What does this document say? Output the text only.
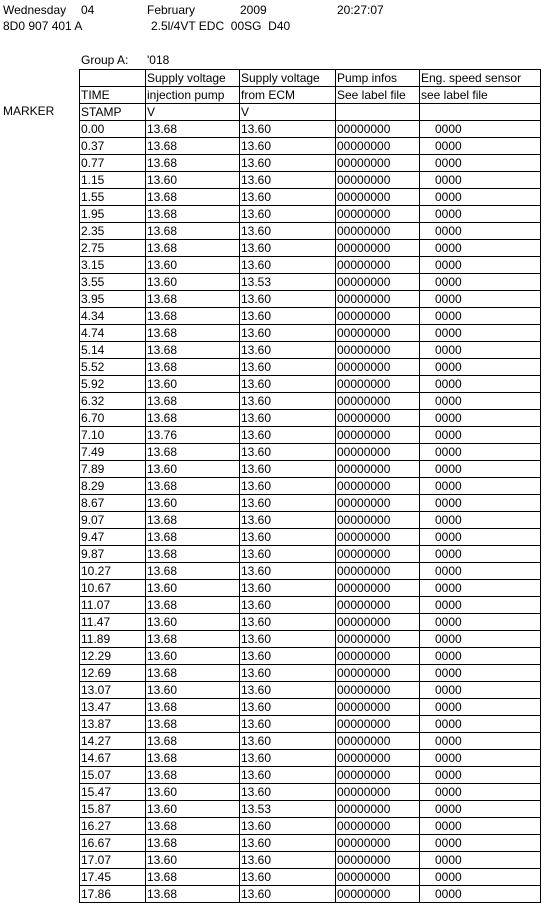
Wednesday 04	February	2009	20:27:07
8D0 907 401 A	2.5l/4VT EDC  00SG  D40
Group A: '018
MARKER
	Supply voltage	Supply voltage	Pump infos	Eng. speed sensor
TIME	injection pump	from ECM	See label file	see label file
STAMP	V	V		
0.00	13.68	13.60	00000000	0000
0.37	13.68	13.60	00000000	0000
0.77	13.68	13.60	00000000	0000
1.15	13.60	13.60	00000000	0000
1.55	13.68	13.60	00000000	0000
1.95	13.68	13.60	00000000	0000
2.35	13.68	13.60	00000000	0000
2.75	13.68	13.60	00000000	0000
3.15	13.60	13.60	00000000	0000
3.55	13.60	13.53	00000000	0000
3.95	13.68	13.60	00000000	0000
4.34	13.68	13.60	00000000	0000
4.74	13.68	13.60	00000000	0000
5.14	13.68	13.60	00000000	0000
5.52	13.68	13.60	00000000	0000
5.92	13.60	13.60	00000000	0000
6.32	13.68	13.60	00000000	0000
6.70	13.68	13.60	00000000	0000
7.10	13.76	13.60	00000000	0000
7.49	13.68	13.60	00000000	0000
7.89	13.60	13.60	00000000	0000
8.29	13.68	13.60	00000000	0000
8.67	13.60	13.60	00000000	0000
9.07	13.68	13.60	00000000	0000
9.47	13.68	13.60	00000000	0000
9.87	13.68	13.60	00000000	0000
10.27	13.68	13.60	00000000	0000
10.67	13.60	13.60	00000000	0000
11.07	13.68	13.60	00000000	0000
11.47	13.60	13.60	00000000	0000
11.89	13.68	13.60	00000000	0000
12.29	13.60	13.60	00000000	0000
12.69	13.68	13.60	00000000	0000
13.07	13.60	13.60	00000000	0000
13.47	13.68	13.60	00000000	0000
13.87	13.68	13.60	00000000	0000
14.27	13.68	13.60	00000000	0000
14.67	13.68	13.60	00000000	0000
15.07	13.68	13.60	00000000	0000
15.47	13.60	13.60	00000000	0000
15.87	13.60	13.53	00000000	0000
16.27	13.68	13.60	00000000	0000
16.67	13.68	13.60	00000000	0000
17.07	13.60	13.60	00000000	0000
17.45	13.68	13.60	00000000	0000
17.86	13.68	13.60	00000000	0000
